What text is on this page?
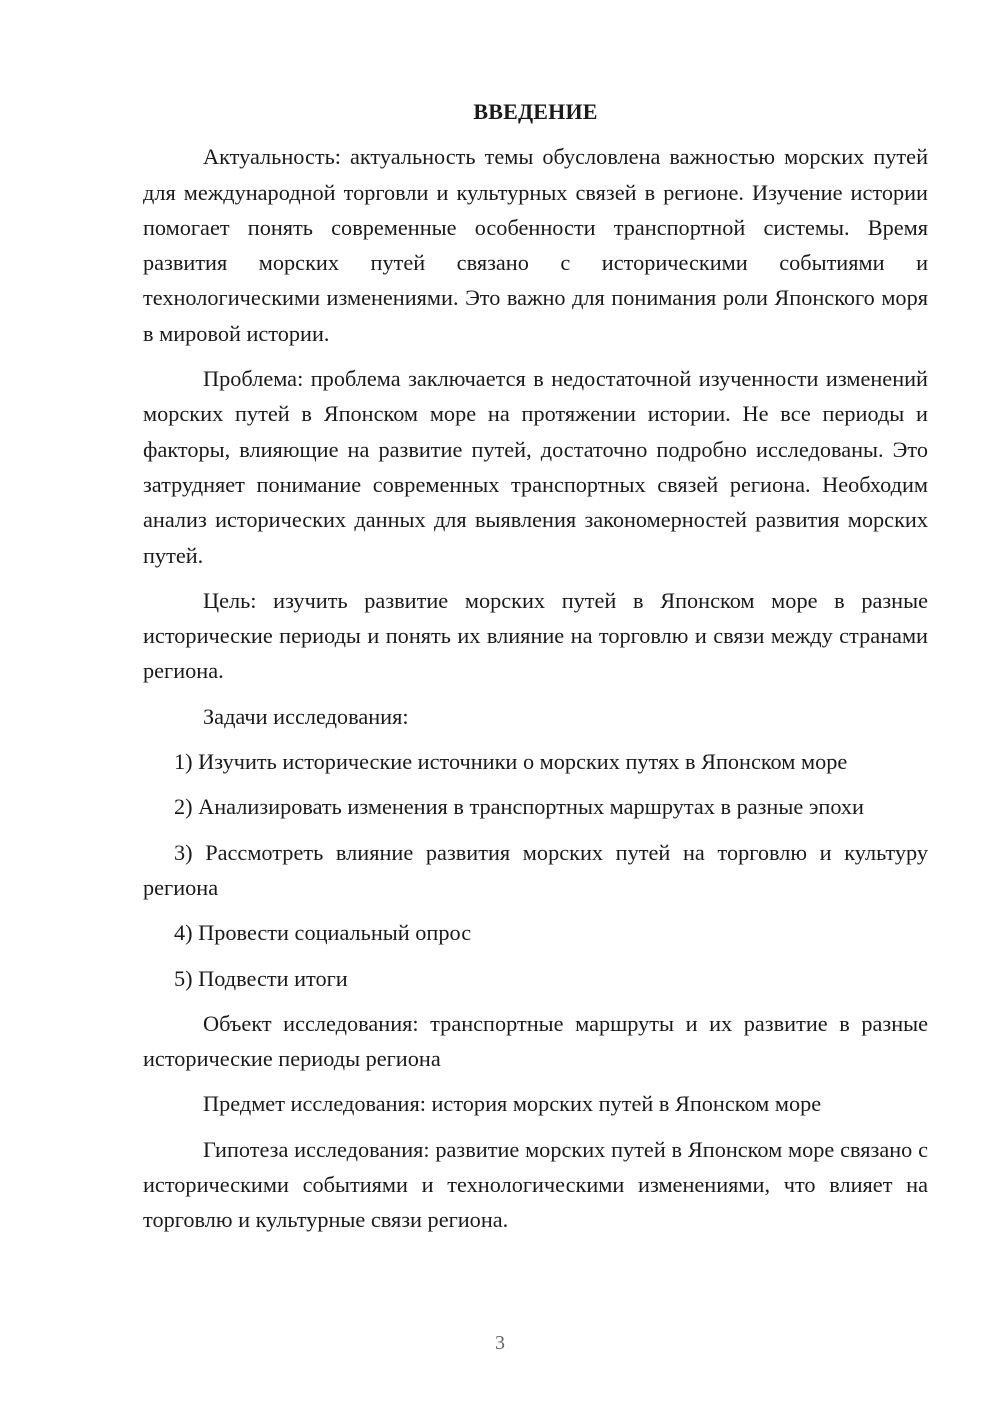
ВВЕДЕНИЕ

Актуальность: актуальность темы обусловлена важностью морских путей для международной торговли и культурных связей в регионе. Изучение истории помогает понять современные особенности транспортной системы. Время развития морских путей связано с историческими событиями и технологическими изменениями. Это важно для понимания роли Японского моря в мировой истории.

Проблема: проблема заключается в недостаточной изученности изменений морских путей в Японском море на протяжении истории. Не все периоды и факторы, влияющие на развитие путей, достаточно подробно исследованы. Это затрудняет понимание современных транспортных связей региона. Необходим анализ исторических данных для выявления закономерностей развития морских путей.

Цель: изучить развитие морских путей в Японском море в разные исторические периоды и понять их влияние на торговлю и связи между странами региона.

Задачи исследования:

1) Изучить исторические источники о морских путях в Японском море

2) Анализировать изменения в транспортных маршрутах в разные эпохи

3) Рассмотреть влияние развития морских путей на торговлю и культуру региона

4) Провести социальный опрос

5) Подвести итоги

Объект исследования: транспортные маршруты и их развитие в разные исторические периоды региона

Предмет исследования: история морских путей в Японском море

Гипотеза исследования: развитие морских путей в Японском море связано с историческими событиями и технологическими изменениями, что влияет на торговлю и культурные связи региона.

3
